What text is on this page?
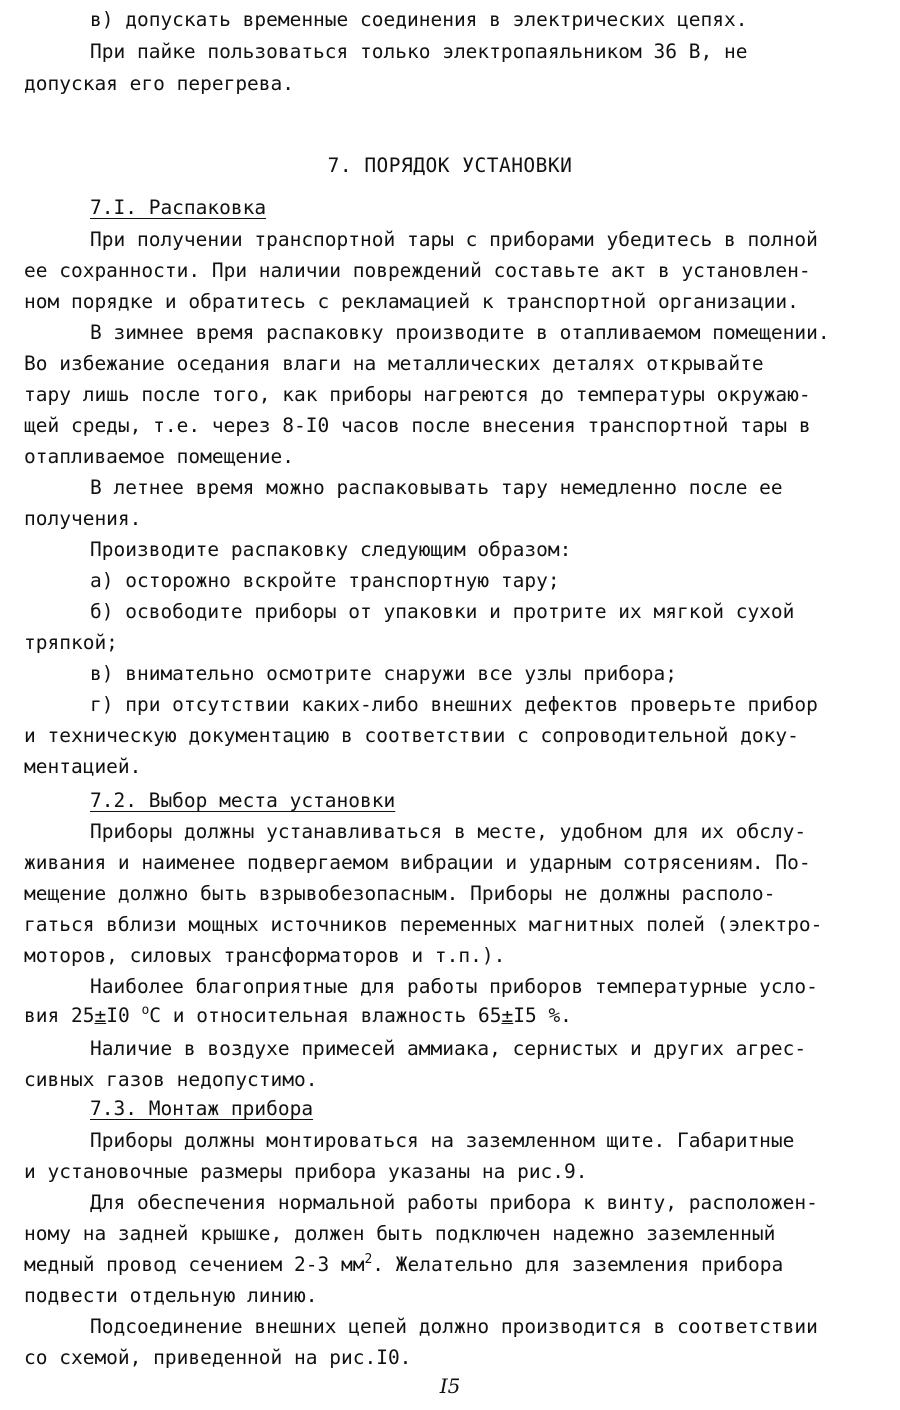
в) допускать временные соединения в электрических цепях.
При пайке пользоваться только электропаяльником 36 В, не
допуская его перегрева.
7. ПОРЯДОК УСТАНОВКИ
7.I. Распаковка
При получении транспортной тары с приборами убедитесь в полной
ее сохранности. При наличии повреждений составьте акт в установлен-
ном порядке и обратитесь с рекламацией к транспортной организации.
В зимнее время распаковку производите в отапливаемом помещении.
Во избежание оседания влаги на металлических деталях открывайте
тару лишь после того, как приборы нагреются до температуры окружаю-
щей среды, т.е. через 8-I0 часов после внесения транспортной тары в
отапливаемое помещение.
В летнее время можно распаковывать тару немедленно после ее
получения.
Производите распаковку следующим образом:
а) осторожно вскройте транспортную тару;
б) освободите приборы от упаковки и протрите их мягкой сухой
тряпкой;
в) внимательно осмотрите снаружи все узлы прибора;
г) при отсутствии каких-либо внешних дефектов проверьте прибор
и техническую документацию в соответствии с сопроводительной доку-
ментацией.
7.2. Выбор места установки
Приборы должны устанавливаться в месте, удобном для их обслу-
живания и наименее подвергаемом вибрации и ударным сотрясениям. По-
мещение должно быть взрывобезопасным. Приборы не должны располо-
гаться вблизи мощных источников переменных магнитных полей (электро-
моторов, силовых трансформаторов и т.п.).
Наиболее благоприятные для работы приборов температурные усло-
вия 25±I0 $^о$С и относительная влажность 65±I5 %.
Наличие в воздухе примесей аммиака, сернистых и других агрес-
сивных газов недопустимо.
7.3. Монтаж прибора
Приборы должны монтироваться на заземленном щите. Габаритные
и установочные размеры прибора указаны на рис.9.
Для обеспечения нормальной работы прибора к винту, расположен-
ному на задней крышке, должен быть подключен надежно заземленный
медный провод сечением 2-3 $мм^2$. Желательно для заземления прибора
подвести отдельную линию.
Подсоединение внешних цепей должно производится в соответствии
со схемой, приведенной на рис.I0.
I5
